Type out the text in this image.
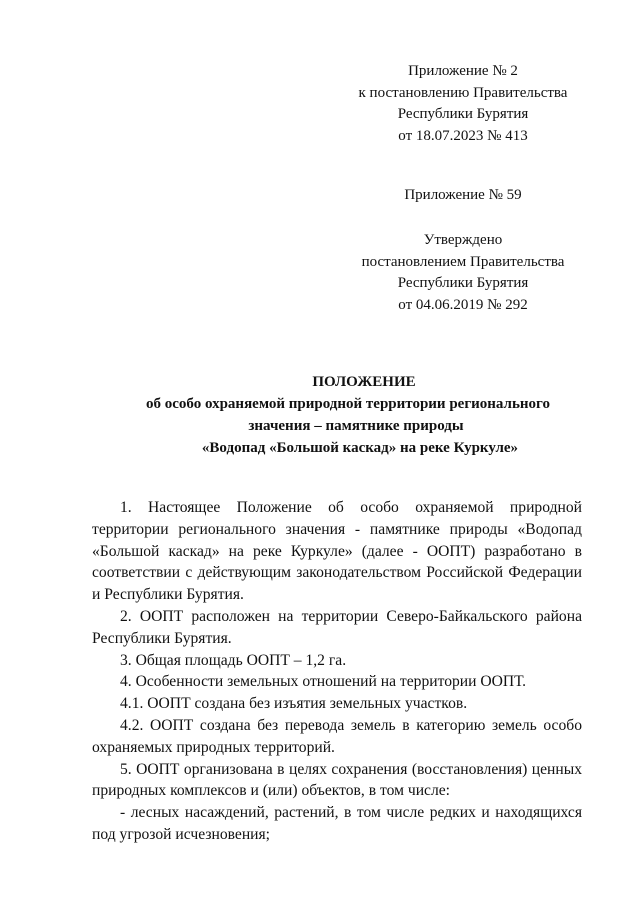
Приложение № 2
к постановлению Правительства
Республики Бурятия
от 18.07.2023 № 413
Приложение № 59
Утверждено
постановлением Правительства
Республики Бурятия
от 04.06.2019 № 292
ПОЛОЖЕНИЕ
об особо охраняемой природной территории регионального
значения – памятнике природы
«Водопад «Большой каскад» на реке Куркуле»

1. Настоящее Положение об особо охраняемой природной территории регионального значения - памятнике природы «Водопад «Большой каскад» на реке Куркуле» (далее - ООПТ) разработано в соответствии с действующим законодательством Российской Федерации и Республики Бурятия.

2. ООПТ расположен на территории Северо-Байкальского района Республики Бурятия.

3. Общая площадь ООПТ – 1,2 га.

4. Особенности земельных отношений на территории ООПТ.

4.1. ООПТ создана без изъятия земельных участков.

4.2. ООПТ создана без перевода земель в категорию земель особо охраняемых природных территорий.

5. ООПТ организована в целях сохранения (восстановления) ценных природных комплексов и (или) объектов, в том числе:

- лесных насаждений, растений, в том числе редких и находящихся под угрозой исчезновения;
